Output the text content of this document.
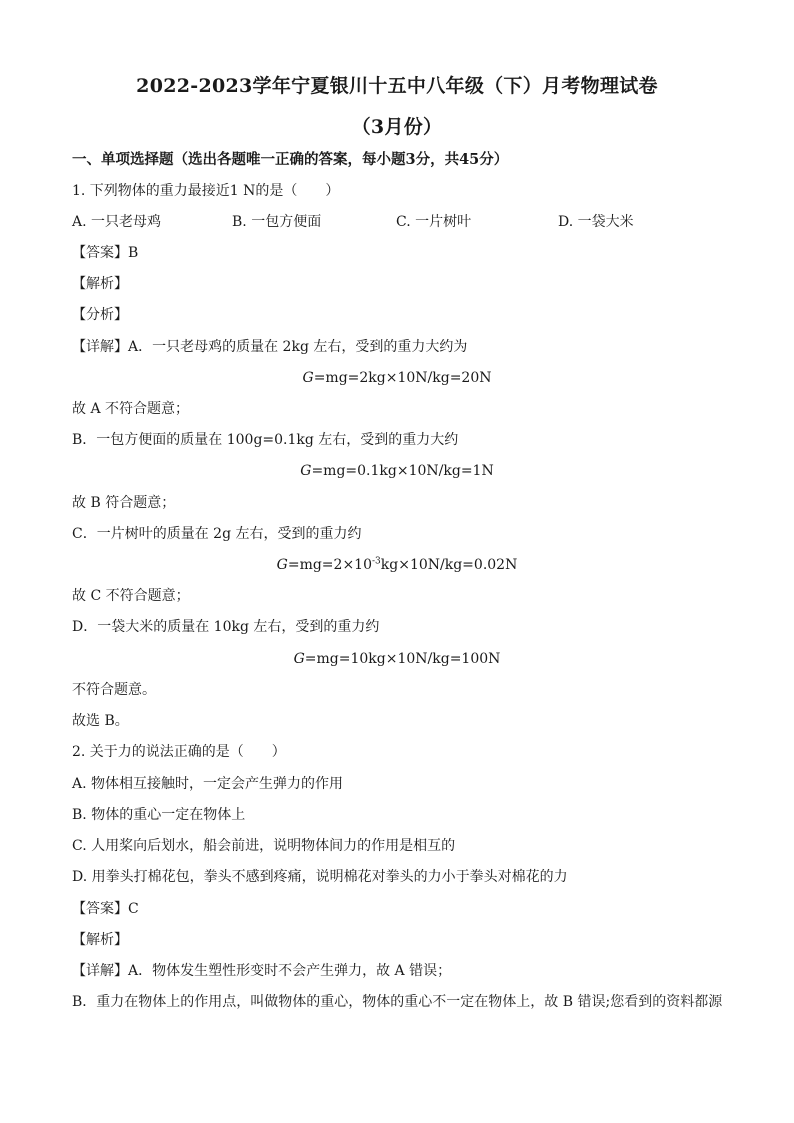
2022-2023学年宁夏银川十五中八年级（下）月考物理试卷
（3月份）
一、单项选择题（选出各题唯一正确的答案，每小题3分，共45分）
1. 下列物体的重力最接近1 N的是（　　）
A. 一只老母鸡	B. 一包方便面	C. 一片树叶	D. 一袋大米
【答案】B
【解析】
【分析】
【详解】A．一只老母鸡的质量在 2kg 左右，受到的重力大约为
G=mg=2kg×10N/kg=20N
故 A 不符合题意；
B．一包方便面的质量在 100g=0.1kg 左右，受到的重力大约
G=mg=0.1kg×10N/kg=1N
故 B 符合题意；
C．一片树叶的质量在 2g 左右，受到的重力约
$G=mg=2\times 10^{-3}kg\times 10N/kg=0.02N$
故 C 不符合题意；
D．一袋大米的质量在 10kg 左右，受到的重力约
G=mg=10kg×10N/kg=100N
不符合题意。
故选 B。
2. 关于力的说法正确的是（　　）
A. 物体相互接触时，一定会产生弹力的作用
B. 物体的重心一定在物体上
C. 人用桨向后划水，船会前进，说明物体间力的作用是相互的
D. 用拳头打棉花包，拳头不感到疼痛，说明棉花对拳头的力小于拳头对棉花的力
【答案】C
【解析】
【详解】A．物体发生塑性形变时不会产生弹力，故 A 错误；
B．重力在物体上的作用点，叫做物体的重心，物体的重心不一定在物体上，故 B 错误;您看到的资料都源
